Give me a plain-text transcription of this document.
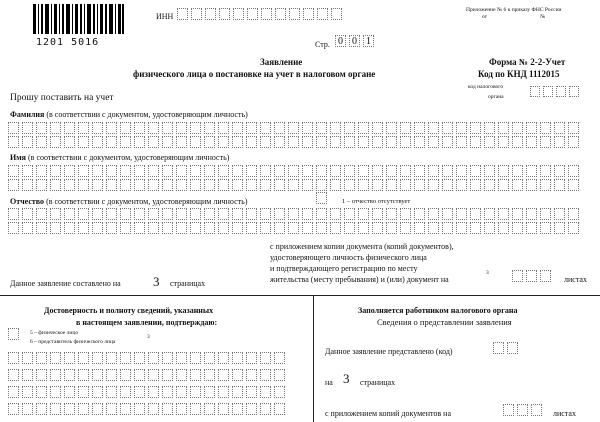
1201 5016
ИНН
Приложение № 6 к приказу ФНС России
от	№
Стр. 0 0 1
Заявление
физического лица о постановке на учет в налоговом органе
Форма № 2-2-Учет
Код по КНД 1112015
код налогового
органа
Прошу поставить на учет
Фамилия (в соответствии с документом, удостоверяющим личность)
Имя (в соответствии с документом, удостоверяющим личность)
Отчество (в соответствии с документом, удостоверяющим личность)	1 – отчество отсутствует
с приложением копии документа (копий документов),
удостоверяющего личность физического лица
и подтверждающего регистрацию по месту
жительства (месту пребывания) и (или) документ на
3
листах
Данное заявление составлено на 3 страницах
Достоверность и полноту сведений, указанных
в настоящем заявлении, подтверждаю:
5 – физическое лицо
6 – представитель физического лица
3
Заполняется работником налогового органа
Сведения о представлении заявления
Данное заявление представлено (код)
на 3 страницах
с приложением копий документов на	листах
